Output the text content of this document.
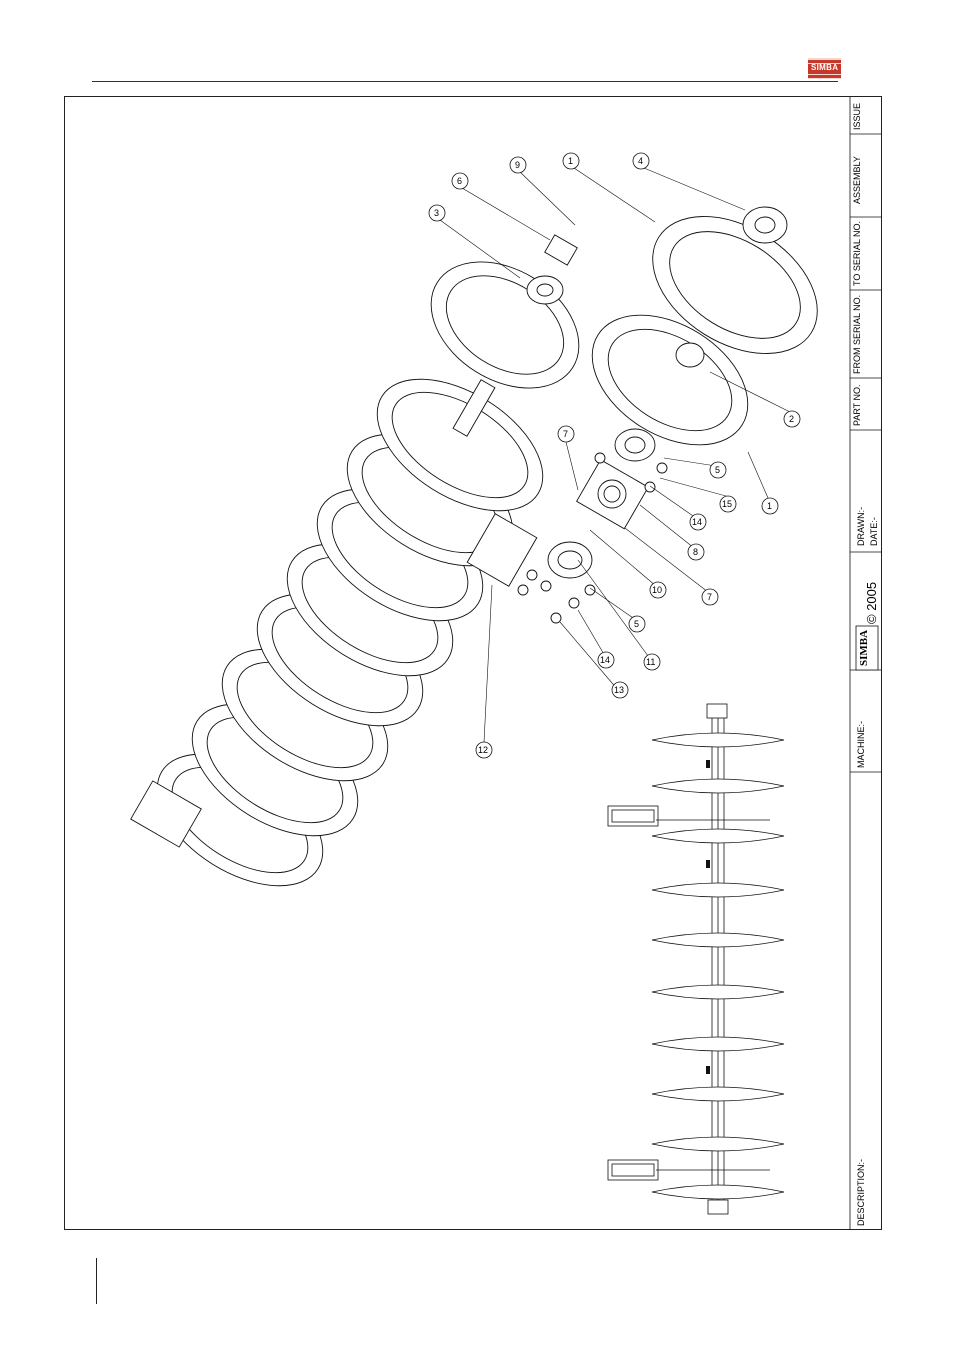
SIMBA
9	1	4
6
3
2
7
5
15	1
14
8
7
10
5
11
14
13
12
DESCRIPTION:-
MACHINE:-
SIMBA
© 2005
DRAWN:- DATE:-
PART NO.
FROM SERIAL NO.
TO SERIAL NO.
ASSEMBLY
ISSUE
